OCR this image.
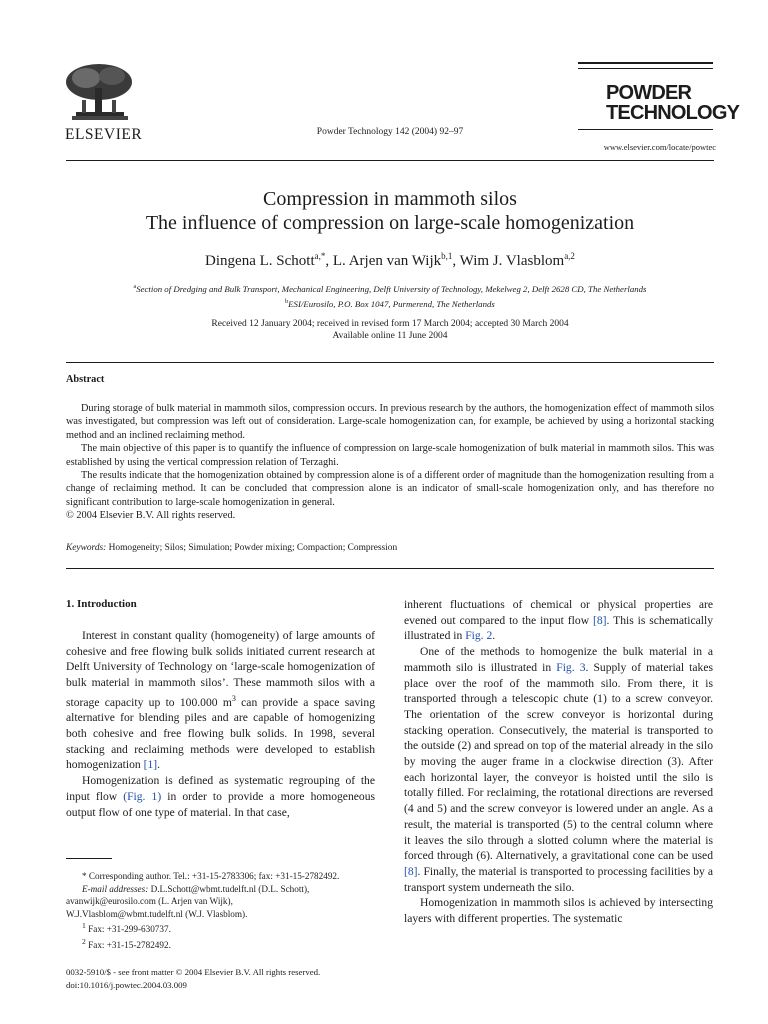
ELSEVIER	Powder Technology 142 (2004) 92–97
POWDER
TECHNOLOGY
www.elsevier.com/locate/powtec
Compression in mammoth silos
The influence of compression on large-scale homogenization
Dingena L. Schott$^{a,*}$, L. Arjen van Wijk$^{b,1}$, Wim J. Vlasblom$^{a,2}$
$^a$Section of Dredging and Bulk Transport, Mechanical Engineering, Delft University of Technology, Mekelweg 2, Delft 2628 CD, The Netherlands
$^b$ESI/Eurosilo, P.O. Box 1047, Purmerend, The Netherlands
Received 12 January 2004; received in revised form 17 March 2004; accepted 30 March 2004
Available online 11 June 2004
Abstract

During storage of bulk material in mammoth silos, compression occurs. In previous research by the authors, the homogenization effect of mammoth silos was investigated, but compression was left out of consideration. Large-scale homogenization can, for example, be achieved by using a horizontal stacking method and an inclined reclaiming method.

The main objective of this paper is to quantify the influence of compression on large-scale homogenization of bulk material in mammoth silos. This was established by using the vertical compression relation of Terzaghi.

The results indicate that the homogenization obtained by compression alone is of a different order of magnitude than the homogenization resulting from a change of reclaiming method. It can be concluded that compression alone is an indicator of small-scale homogenization only, and has therefore no significant contribution to large-scale homogenization in general.

© 2004 Elsevier B.V. All rights reserved.

Keywords: Homogeneity; Silos; Simulation; Powder mixing; Compaction; Compression
1. Introduction

Interest in constant quality (homogeneity) of large amounts of cohesive and free flowing bulk solids initiated current research at Delft University of Technology on ‘large-scale homogenization of bulk material in mammoth silos’. These mammoth silos with a storage capacity up to 100.000 $m^3$ can provide a space saving alternative for blending piles and are capable of homogenizing both cohesive and free flowing bulk solids. In 1998, several stacking and reclaiming methods were developed to establish homogenization [1].

Homogenization is defined as systematic regrouping of the input flow (Fig. 1) in order to provide a more homogeneous output flow of one type of material. In that case,

inherent fluctuations of chemical or physical properties are evened out compared to the input flow [8]. This is schematically illustrated in Fig. 2.

One of the methods to homogenize the bulk material in a mammoth silo is illustrated in Fig. 3. Supply of material takes place over the roof of the mammoth silo. From there, it is transported through a telescopic chute (1) to a screw conveyor. The orientation of the screw conveyor is horizontal during stacking operation. Consecutively, the material is transported to the outside (2) and spread on top of the material already in the silo by moving the auger frame in a clockwise direction (3). After each horizontal layer, the conveyor is hoisted until the silo is totally filled. For reclaiming, the rotational directions are reversed (4 and 5) and the screw conveyor is lowered under an angle. As a result, the material is transported (5) to the central column where it leaves the silo through a slotted column where the material is forced through (6). Alternatively, a gravitational cone can be used [8]. Finally, the material is transported to processing facilities by a transport system underneath the silo.

Homogenization in mammoth silos is achieved by intersecting layers with different properties. The systematic

* Corresponding author. Tel.: +31-15-2783306; fax: +31-15-2782492.
E-mail addresses: D.L.Schott@wbmt.tudelft.nl (D.L. Schott),
avanwijk@eurosilo.com (L. Arjen van Wijk),
W.J.Vlasblom@wbmt.tudelft.nl (W.J. Vlasblom).
$^1$ Fax: +31-299-630737.
$^2$ Fax: +31-15-2782492.
0032-5910/$ - see front matter © 2004 Elsevier B.V. All rights reserved.
doi:10.1016/j.powtec.2004.03.009
